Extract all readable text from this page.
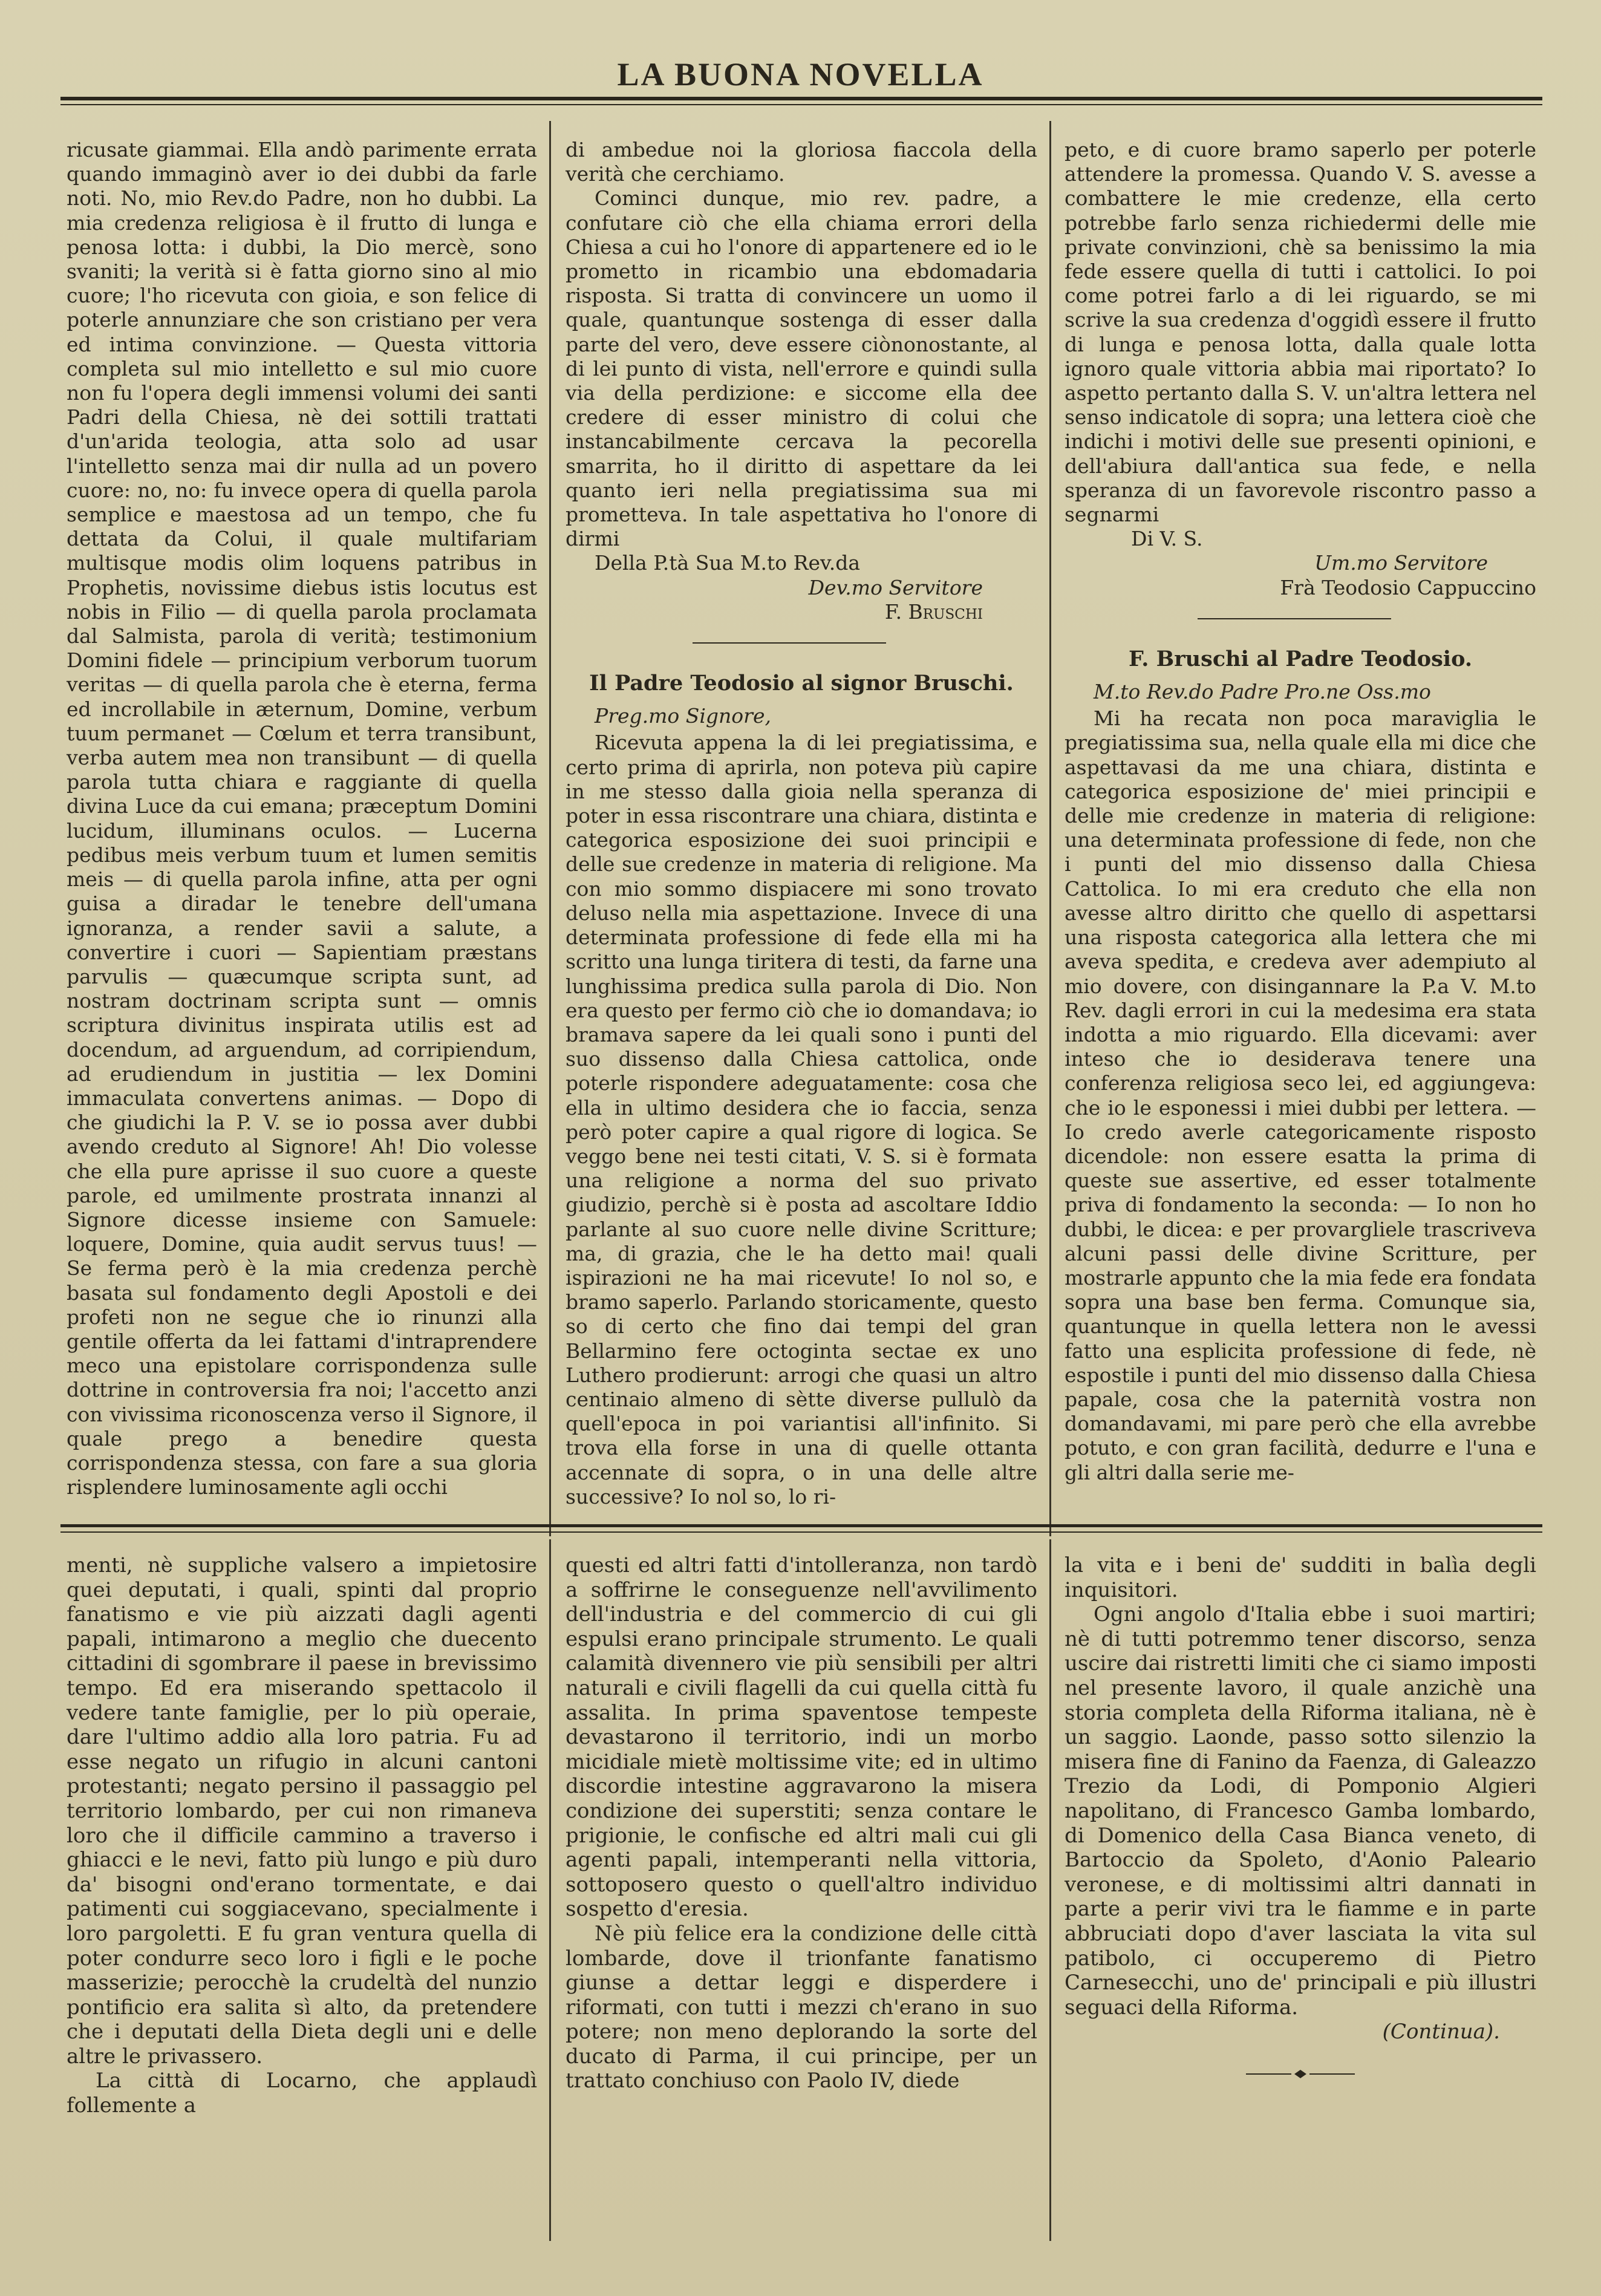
LA BUONA NOVELLA

ricusate giammai. Ella andò parimente errata quando immaginò aver io dei dubbi da farle noti. No, mio Rev.do Padre, non ho dubbi. La mia credenza religiosa è il frutto di lunga e penosa lotta: i dubbi, la Dio mercè, sono svaniti; la verità si è fatta giorno sino al mio cuore; l'ho ricevuta con gioia, e son felice di poterle annunziare che son cristiano per vera ed intima convinzione. — Questa vittoria completa sul mio intelletto e sul mio cuore non fu l'opera degli immensi volumi dei santi Padri della Chiesa, nè dei sottili trattati d'un'arida teologia, atta solo ad usar l'intelletto senza mai dir nulla ad un povero cuore: no, no: fu invece opera di quella parola semplice e maestosa ad un tempo, che fu dettata da Colui, il quale multifariam multisque modis olim loquens patribus in Prophetis, novissime diebus istis locutus est nobis in Filio — di quella parola proclamata dal Salmista, parola di verità; testimonium Domini fidele — principium verborum tuorum veritas — di quella parola che è eterna, ferma ed incrollabile in æternum, Domine, verbum tuum permanet — Cœlum et terra transibunt, verba autem mea non transibunt — di quella parola tutta chiara e raggiante di quella divina Luce da cui emana; præceptum Domini lucidum, illuminans oculos. — Lucerna pedibus meis verbum tuum et lumen semitis meis — di quella parola infine, atta per ogni guisa a diradar le tenebre dell'umana ignoranza, a render savii a salute, a convertire i cuori — Sapientiam præstans parvulis — quæcumque scripta sunt, ad nostram doctrinam scripta sunt — omnis scriptura divinitus inspirata utilis est ad docendum, ad arguendum, ad corripiendum, ad erudiendum in justitia — lex Domini immaculata convertens animas. — Dopo di che giudichi la P. V. se io possa aver dubbi avendo creduto al Signore! Ah! Dio volesse che ella pure aprisse il suo cuore a queste parole, ed umilmente prostrata innanzi al Signore dicesse insieme con Samuele: loquere, Domine, quia audit servus tuus! — Se ferma però è la mia credenza perchè basata sul fondamento degli Apostoli e dei profeti non ne segue che io rinunzi alla gentile offerta da lei fattami d'intraprendere meco una epistolare corrispondenza sulle dottrine in controversia fra noi; l'accetto anzi con vivissima riconoscenza verso il Signore, il quale prego a benedire questa corrispondenza stessa, con fare a sua gloria risplendere luminosamente agli occhi

di ambedue noi la gloriosa fiaccola della verità che cerchiamo.

Cominci dunque, mio rev. padre, a confutare ciò che ella chiama errori della Chiesa a cui ho l'onore di appartenere ed io le prometto in ricambio una ebdomadaria risposta. Si tratta di convincere un uomo il quale, quantunque sostenga di esser dalla parte del vero, deve essere ciònonostante, al di lei punto di vista, nell'errore e quindi sulla via della perdizione: e siccome ella dee credere di esser ministro di colui che instancabilmente cercava la pecorella smarrita, ho il diritto di aspettare da lei quanto ieri nella pregiatissima sua mi prometteva. In tale aspettativa ho l'onore di dirmi

Della P.tà Sua M.to Rev.da

Dev.mo Servitore

F. Bruschi

Il Padre Teodosio al signor Bruschi.

Preg.mo Signore,

Ricevuta appena la di lei pregiatissima, e certo prima di aprirla, non poteva più capire in me stesso dalla gioia nella speranza di poter in essa riscontrare una chiara, distinta e categorica esposizione dei suoi principii e delle sue credenze in materia di religione. Ma con mio sommo dispiacere mi sono trovato deluso nella mia aspettazione. Invece di una determinata professione di fede ella mi ha scritto una lunga tiritera di testi, da farne una lunghissima predica sulla parola di Dio. Non era questo per fermo ciò che io domandava; io bramava sapere da lei quali sono i punti del suo dissenso dalla Chiesa cattolica, onde poterle rispondere adeguatamente: cosa che ella in ultimo desidera che io faccia, senza però poter capire a qual rigore di logica. Se veggo bene nei testi citati, V. S. si è formata una religione a norma del suo privato giudizio, perchè si è posta ad ascoltare Iddio parlante al suo cuore nelle divine Scritture; ma, di grazia, che le ha detto mai! quali ispirazioni ne ha mai ricevute! Io nol so, e bramo saperlo. Parlando storicamente, questo so di certo che fino dai tempi del gran Bellarmino fere octoginta sectae ex uno Luthero prodierunt: arrogi che quasi un altro centinaio almeno di sètte diverse pullulò da quell'epoca in poi variantisi all'infinito. Si trova ella forse in una di quelle ottanta accennate di sopra, o in una delle altre successive? Io nol so, lo ri-

peto, e di cuore bramo saperlo per poterle attendere la promessa. Quando V. S. avesse a combattere le mie credenze, ella certo potrebbe farlo senza richiedermi delle mie private convinzioni, chè sa benissimo la mia fede essere quella di tutti i cattolici. Io poi come potrei farlo a di lei riguardo, se mi scrive la sua credenza d'oggidì essere il frutto di lunga e penosa lotta, dalla quale lotta ignoro quale vittoria abbia mai riportato? Io aspetto pertanto dalla S. V. un'altra lettera nel senso indicatole di sopra; una lettera cioè che indichi i motivi delle sue presenti opinioni, e dell'abiura dall'antica sua fede, e nella speranza di un favorevole riscontro passo a segnarmi

Di V. S.

Um.mo Servitore

Frà Teodosio Cappuccino

F. Bruschi al Padre Teodosio.

M.to Rev.do Padre Pro.ne Oss.mo

Mi ha recata non poca maraviglia le pregiatissima sua, nella quale ella mi dice che aspettavasi da me una chiara, distinta e categorica esposizione de' miei principii e delle mie credenze in materia di religione: una determinata professione di fede, non che i punti del mio dissenso dalla Chiesa Cattolica. Io mi era creduto che ella non avesse altro diritto che quello di aspettarsi una risposta categorica alla lettera che mi aveva spedita, e credeva aver adempiuto al mio dovere, con disingannare la P.a V. M.to Rev. dagli errori in cui la medesima era stata indotta a mio riguardo. Ella dicevami: aver inteso che io desiderava tenere una conferenza religiosa seco lei, ed aggiungeva: che io le esponessi i miei dubbi per lettera. — Io credo averle categoricamente risposto dicendole: non essere esatta la prima di queste sue assertive, ed esser totalmente priva di fondamento la seconda: — Io non ho dubbi, le dicea: e per provargliele trascriveva alcuni passi delle divine Scritture, per mostrarle appunto che la mia fede era fondata sopra una base ben ferma. Comunque sia, quantunque in quella lettera non le avessi fatto una esplicita professione di fede, nè espostile i punti del mio dissenso dalla Chiesa papale, cosa che la paternità vostra non domandavami, mi pare però che ella avrebbe potuto, e con gran facilità, dedurre e l'una e gli altri dalla serie me-

menti, nè suppliche valsero a impietosire quei deputati, i quali, spinti dal proprio fanatismo e vie più aizzati dagli agenti papali, intimarono a meglio che duecento cittadini di sgombrare il paese in brevissimo tempo. Ed era miserando spettacolo il vedere tante famiglie, per lo più operaie, dare l'ultimo addio alla loro patria. Fu ad esse negato un rifugio in alcuni cantoni protestanti; negato persino il passaggio pel territorio lombardo, per cui non rimaneva loro che il difficile cammino a traverso i ghiacci e le nevi, fatto più lungo e più duro da' bisogni ond'erano tormentate, e dai patimenti cui soggiacevano, specialmente i loro pargoletti. E fu gran ventura quella di poter condurre seco loro i figli e le poche masserizie; perocchè la crudeltà del nunzio pontificio era salita sì alto, da pretendere che i deputati della Dieta degli uni e delle altre le privassero.

La città di Locarno, che applaudì follemente a

questi ed altri fatti d'intolleranza, non tardò a soffrirne le conseguenze nell'avvilimento dell'industria e del commercio di cui gli espulsi erano principale strumento. Le quali calamità divennero vie più sensibili per altri naturali e civili flagelli da cui quella città fu assalita. In prima spaventose tempeste devastarono il territorio, indi un morbo micidiale mietè moltissime vite; ed in ultimo discordie intestine aggravarono la misera condizione dei superstiti; senza contare le prigionie, le confische ed altri mali cui gli agenti papali, intemperanti nella vittoria, sottoposero questo o quell'altro individuo sospetto d'eresia.

Nè più felice era la condizione delle città lombarde, dove il trionfante fanatismo giunse a dettar leggi e disperdere i riformati, con tutti i mezzi ch'erano in suo potere; non meno deplorando la sorte del ducato di Parma, il cui principe, per un trattato conchiuso con Paolo IV, diede

la vita e i beni de' sudditi in balìa degli inquisitori.

Ogni angolo d'Italia ebbe i suoi martiri; nè di tutti potremmo tener discorso, senza uscire dai ristretti limiti che ci siamo imposti nel presente lavoro, il quale anzichè una storia completa della Riforma italiana, nè è un saggio. Laonde, passo sotto silenzio la misera fine di Fanino da Faenza, di Galeazzo Trezio da Lodi, di Pomponio Algieri napolitano, di Francesco Gamba lombardo, di Domenico della Casa Bianca veneto, di Bartoccio da Spoleto, d'Aonio Paleario veronese, e di moltissimi altri dannati in parte a perir vivi tra le fiamme e in parte abbruciati dopo d'aver lasciata la vita sul patibolo, ci occuperemo di Pietro Carnesecchi, uno de' principali e più illustri seguaci della Riforma.

(Continua).
